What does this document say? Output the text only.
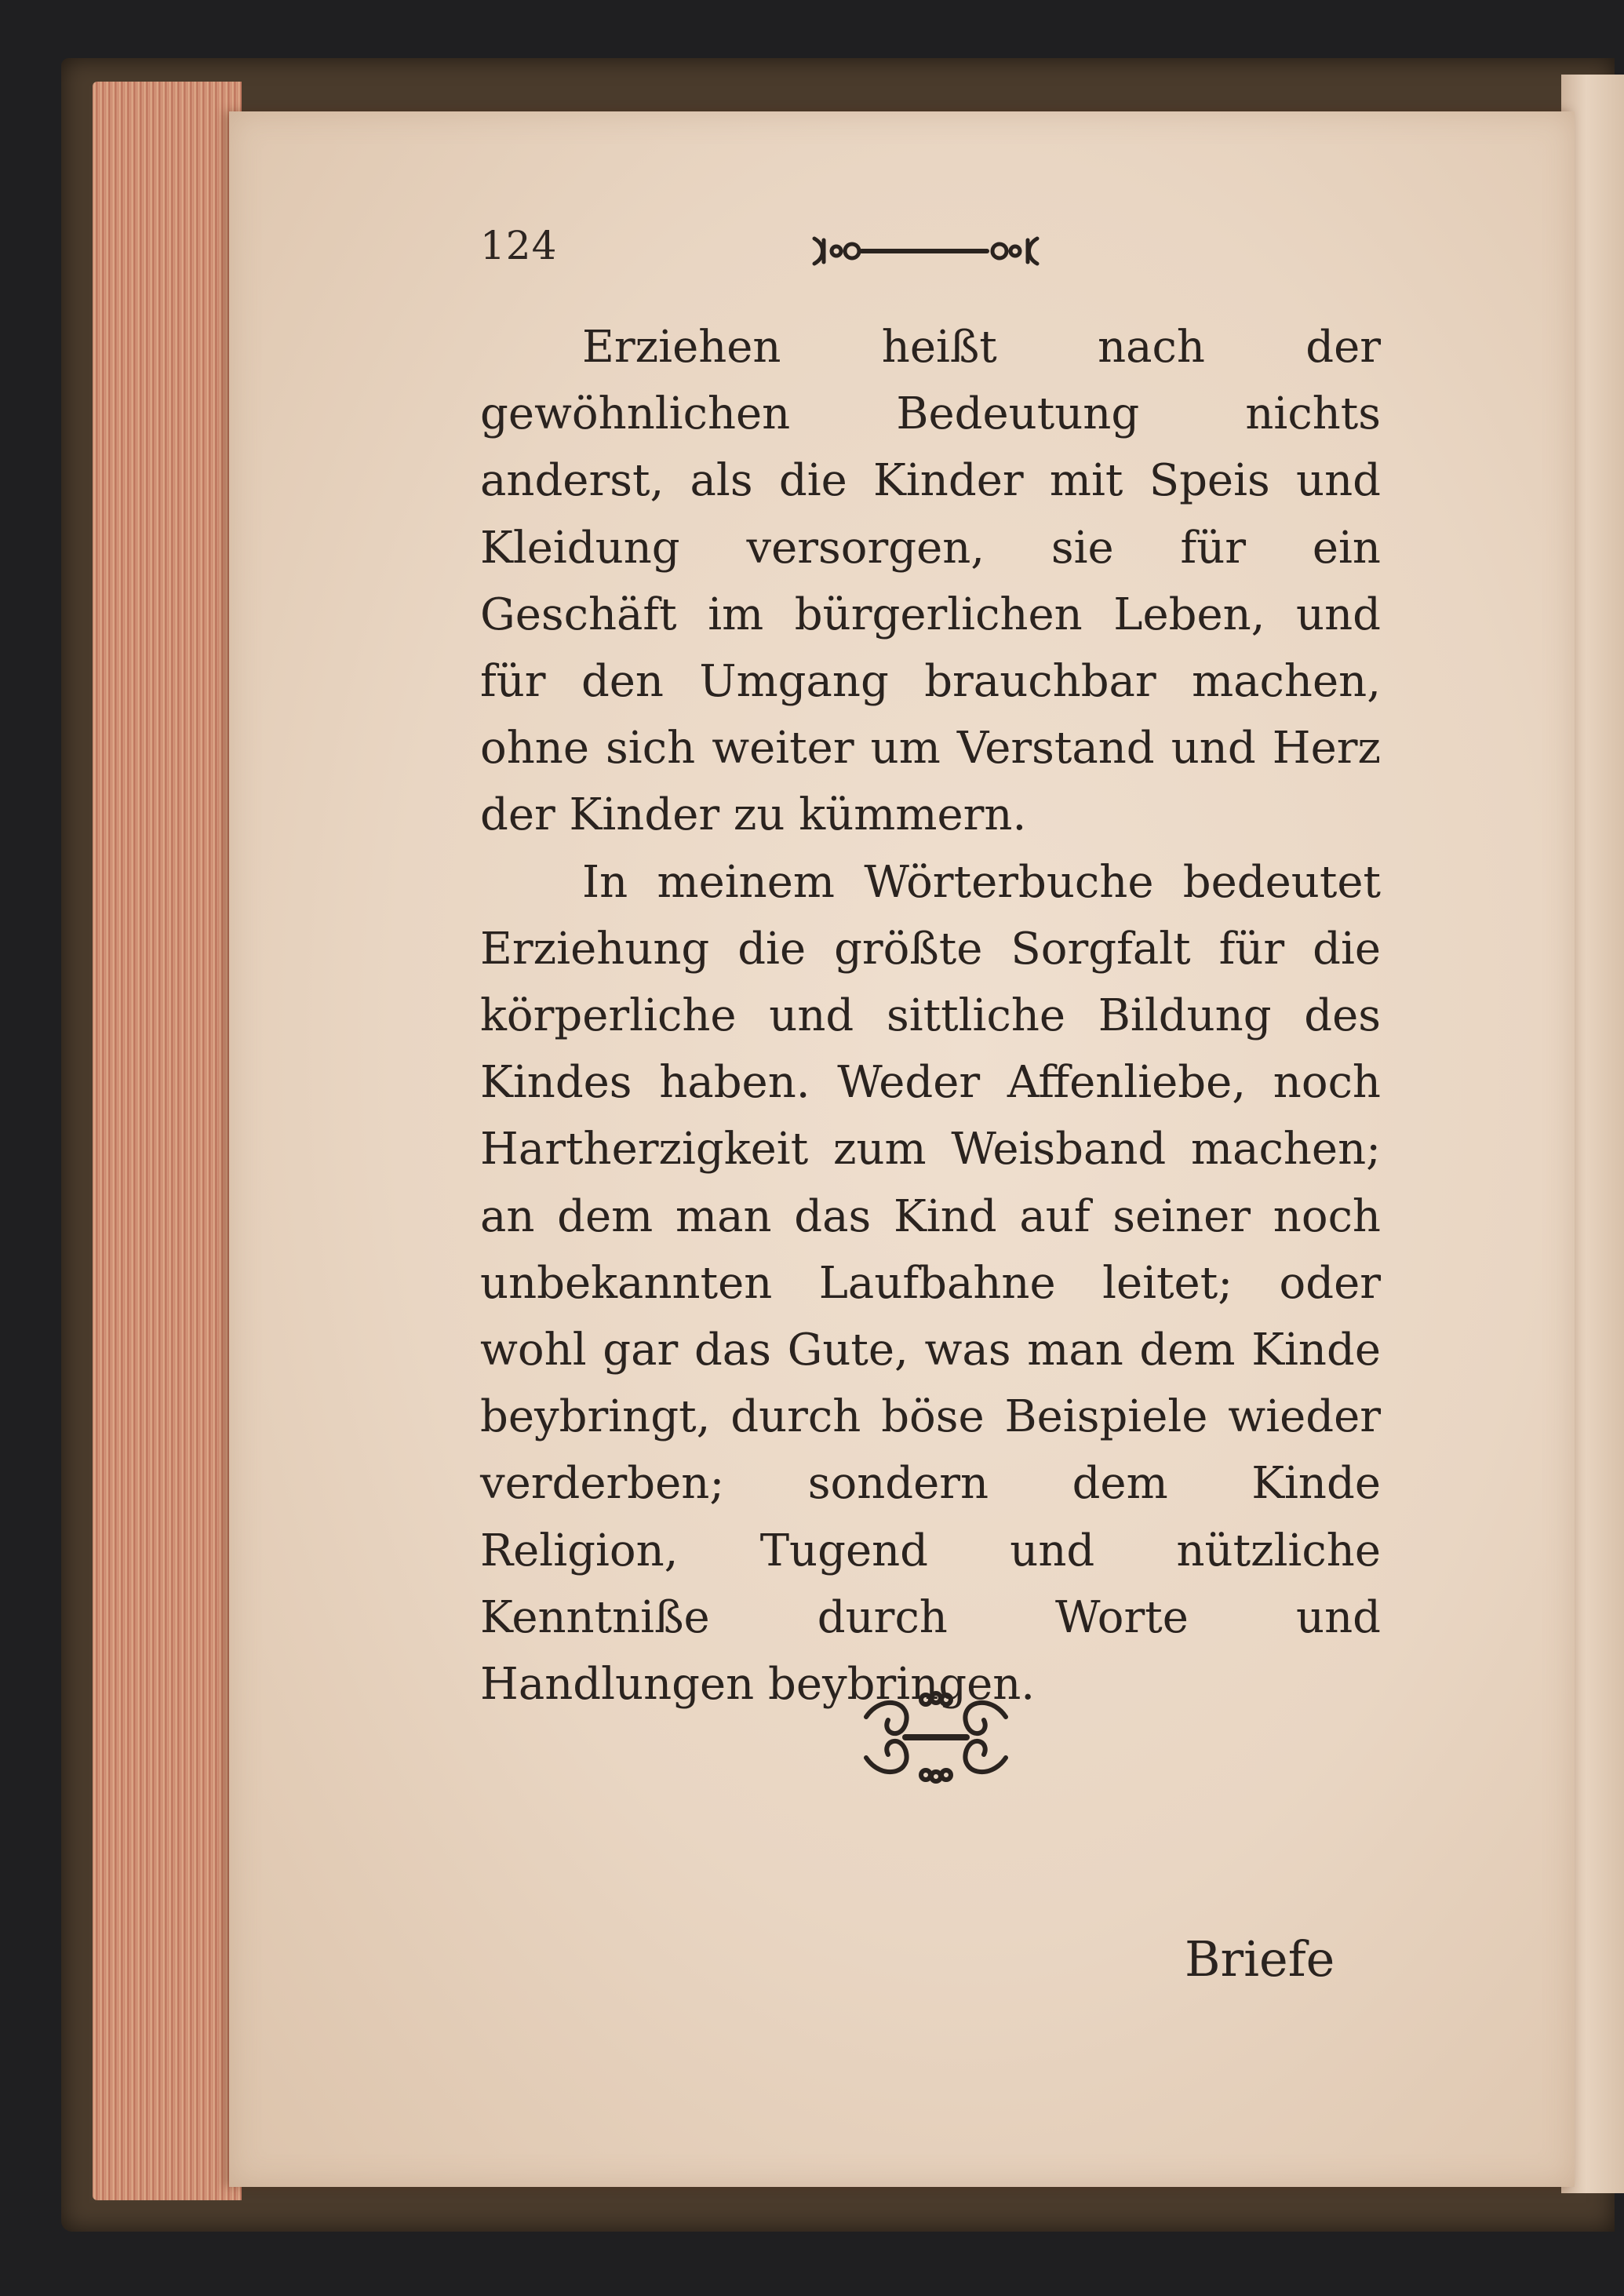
124

Erziehen heißt nach der gewöhnlichen Bedeutung nichts anderst, als die Kinder mit Speis und Kleidung versorgen, sie für ein Geschäft im bürgerlichen Leben, und für den Umgang brauchbar machen, ohne sich weiter um Verstand und Herz der Kinder zu kümmern.

In meinem Wörterbuche bedeutet Erziehung die größte Sorgfalt für die körperliche und sittliche Bildung des Kindes haben. Weder Affenliebe, noch Hartherzigkeit zum Weisband machen; an dem man das Kind auf seiner noch unbekannten Laufbahne leitet; oder wohl gar das Gute, was man dem Kinde beybringt, durch böse Beispiele wieder verderben; sondern dem Kinde Religion, Tugend und nützliche Kenntniße durch Worte und Handlungen beybringen.

Briefe
